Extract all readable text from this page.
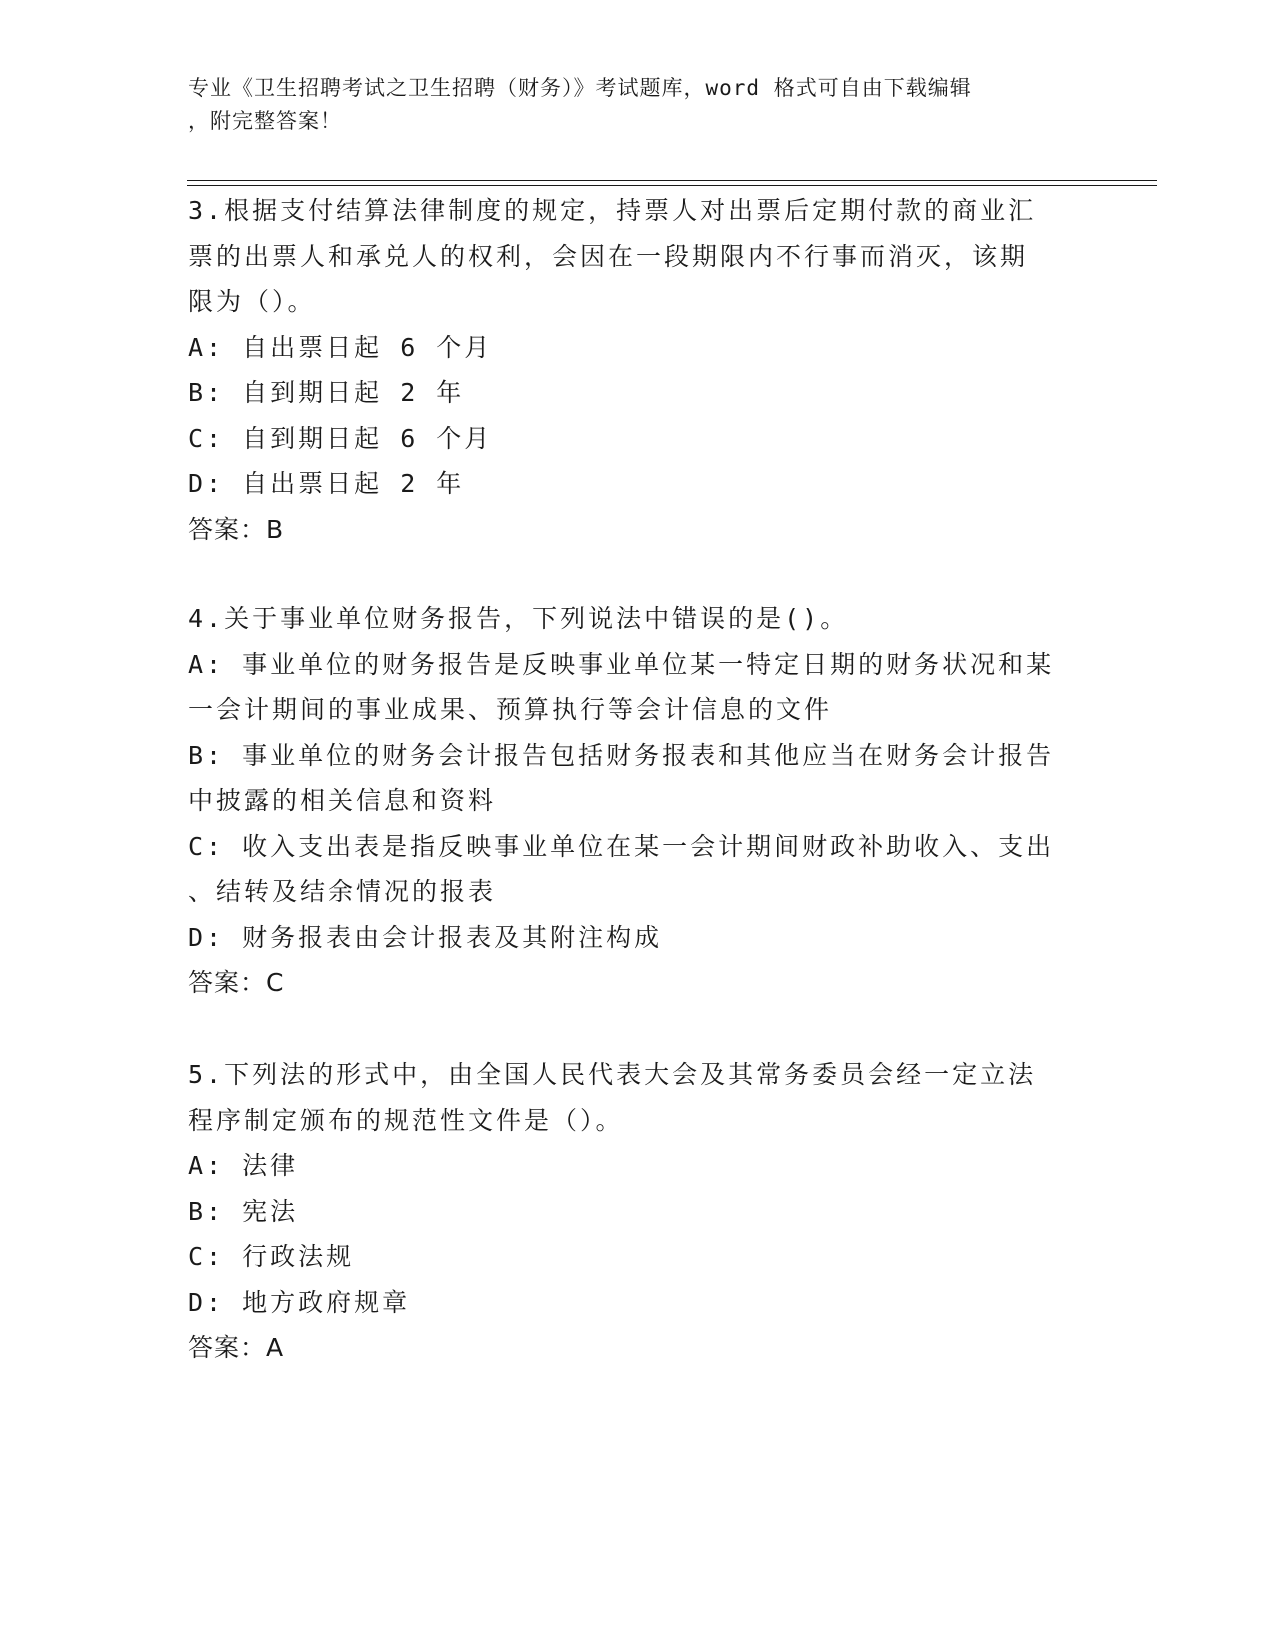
专业《卫生招聘考试之卫生招聘（财务）》考试题库，word 格式可自由下载编辑

，附完整答案！

3.根据支付结算法律制度的规定，持票人对出票后定期付款的商业汇

票的出票人和承兑人的权利，会因在一段期限内不行事而消灭，该期

限为（）。

A: 自出票日起 6 个月

B: 自到期日起 2 年

C: 自到期日起 6 个月

D: 自出票日起 2 年

答案：B

4.关于事业单位财务报告，下列说法中错误的是()。

A: 事业单位的财务报告是反映事业单位某一特定日期的财务状况和某

一会计期间的事业成果、预算执行等会计信息的文件

B: 事业单位的财务会计报告包括财务报表和其他应当在财务会计报告

中披露的相关信息和资料

C: 收入支出表是指反映事业单位在某一会计期间财政补助收入、支出

、结转及结余情况的报表

D: 财务报表由会计报表及其附注构成

答案：C

5.下列法的形式中，由全国人民代表大会及其常务委员会经一定立法

程序制定颁布的规范性文件是（）。

A: 法律

B: 宪法

C: 行政法规

D: 地方政府规章

答案：A
